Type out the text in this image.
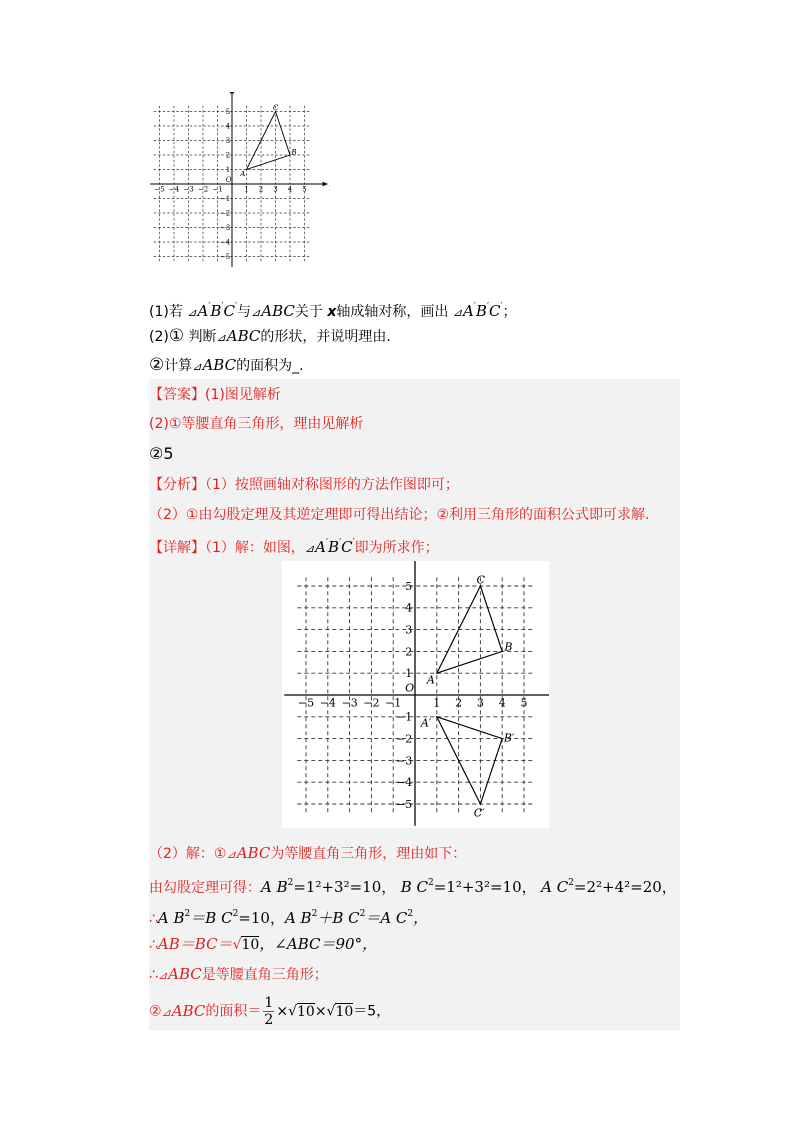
O
−5 −4 −3 −2 −1	1 2 3 4 5
5
4
3
2
1
−1
−2
−3
−4
−5
A
B
C
(1)若 ⊿A′B′C′与⊿ABC关于 x轴成轴对称，画出 ⊿A′B′C′；
(2)① 判断⊿ABC的形状，并说明理由.
②计算⊿ABC的面积为_.
【答案】(1)图见解析
(2)①等腰直角三角形，理由见解析
②5
【分析】（1）按照画轴对称图形的方法作图即可；
（2）①由勾股定理及其逆定理即可得出结论；②利用三角形的面积公式即可求解.
【详解】（1）解：如图，⊿A′B′C′即为所求作；
O
−5 −4 −3 −2 −1	1 2 3 4 5
5
4
3
2
1
−1
−2
−3
−4
−5
A
B
C
A′
B′
C′
（2）解：①⊿ABC为等腰直角三角形，理由如下：
由勾股定理可得：A $B^2=1^2+3^2=10$， B $C^2=1^2+3^2=10$， A $C^2=2^2+4^2=20$，
∴A $B^2=B$ $C^2=10$，A $B^2+B$ $C^2=A$ $C^2$，
∴AB＝BC＝√10，∠ABC＝90°，
∴⊿ABC是等腰直角三角形；
②⊿ABC的面积＝ $\frac{1}{2} \times√10\times√10=5$，
